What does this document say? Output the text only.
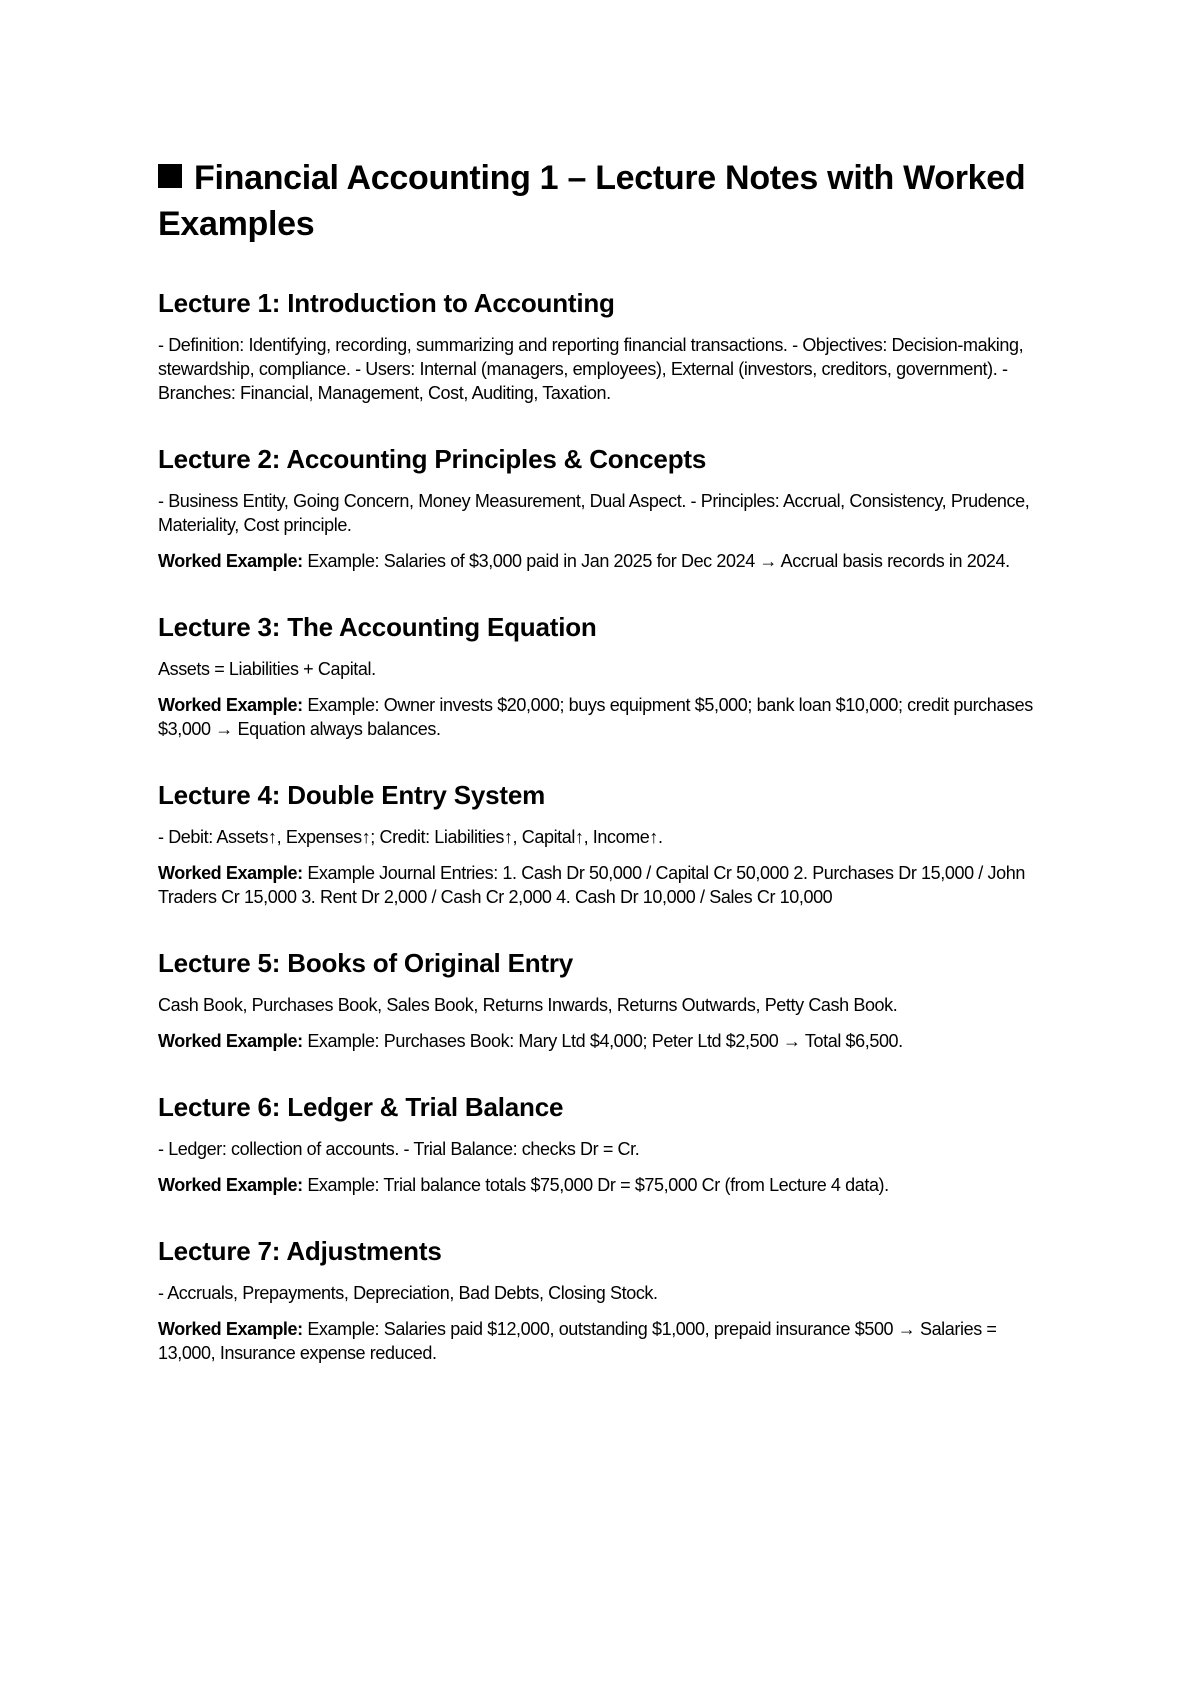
Financial Accounting 1 – Lecture Notes with Worked Examples
Lecture 1: Introduction to Accounting

- Definition: Identifying, recording, summarizing and reporting financial transactions. - Objectives: Decision-making, stewardship, compliance. - Users: Internal (managers, employees), External (investors, creditors, government). - Branches: Financial, Management, Cost, Auditing, Taxation.

Lecture 2: Accounting Principles & Concepts

- Business Entity, Going Concern, Money Measurement, Dual Aspect. - Principles: Accrual, Consistency, Prudence, Materiality, Cost principle.

Worked Example: Example: Salaries of $3,000 paid in Jan 2025 for Dec 2024 → Accrual basis records in 2024.

Lecture 3: The Accounting Equation

Assets = Liabilities + Capital.

Worked Example: Example: Owner invests $20,000; buys equipment $5,000; bank loan $10,000; credit purchases $3,000 → Equation always balances.

Lecture 4: Double Entry System

- Debit: Assets↑, Expenses↑; Credit: Liabilities↑, Capital↑, Income↑.

Worked Example: Example Journal Entries: 1. Cash Dr 50,000 / Capital Cr 50,000 2. Purchases Dr 15,000 / John Traders Cr 15,000 3. Rent Dr 2,000 / Cash Cr 2,000 4. Cash Dr 10,000 / Sales Cr 10,000

Lecture 5: Books of Original Entry

Cash Book, Purchases Book, Sales Book, Returns Inwards, Returns Outwards, Petty Cash Book.

Worked Example: Example: Purchases Book: Mary Ltd $4,000; Peter Ltd $2,500 → Total $6,500.

Lecture 6: Ledger & Trial Balance

- Ledger: collection of accounts. - Trial Balance: checks Dr = Cr.

Worked Example: Example: Trial balance totals $75,000 Dr = $75,000 Cr (from Lecture 4 data).

Lecture 7: Adjustments

- Accruals, Prepayments, Depreciation, Bad Debts, Closing Stock.

Worked Example: Example: Salaries paid $12,000, outstanding $1,000, prepaid insurance $500 → Salaries = 13,000, Insurance expense reduced.
